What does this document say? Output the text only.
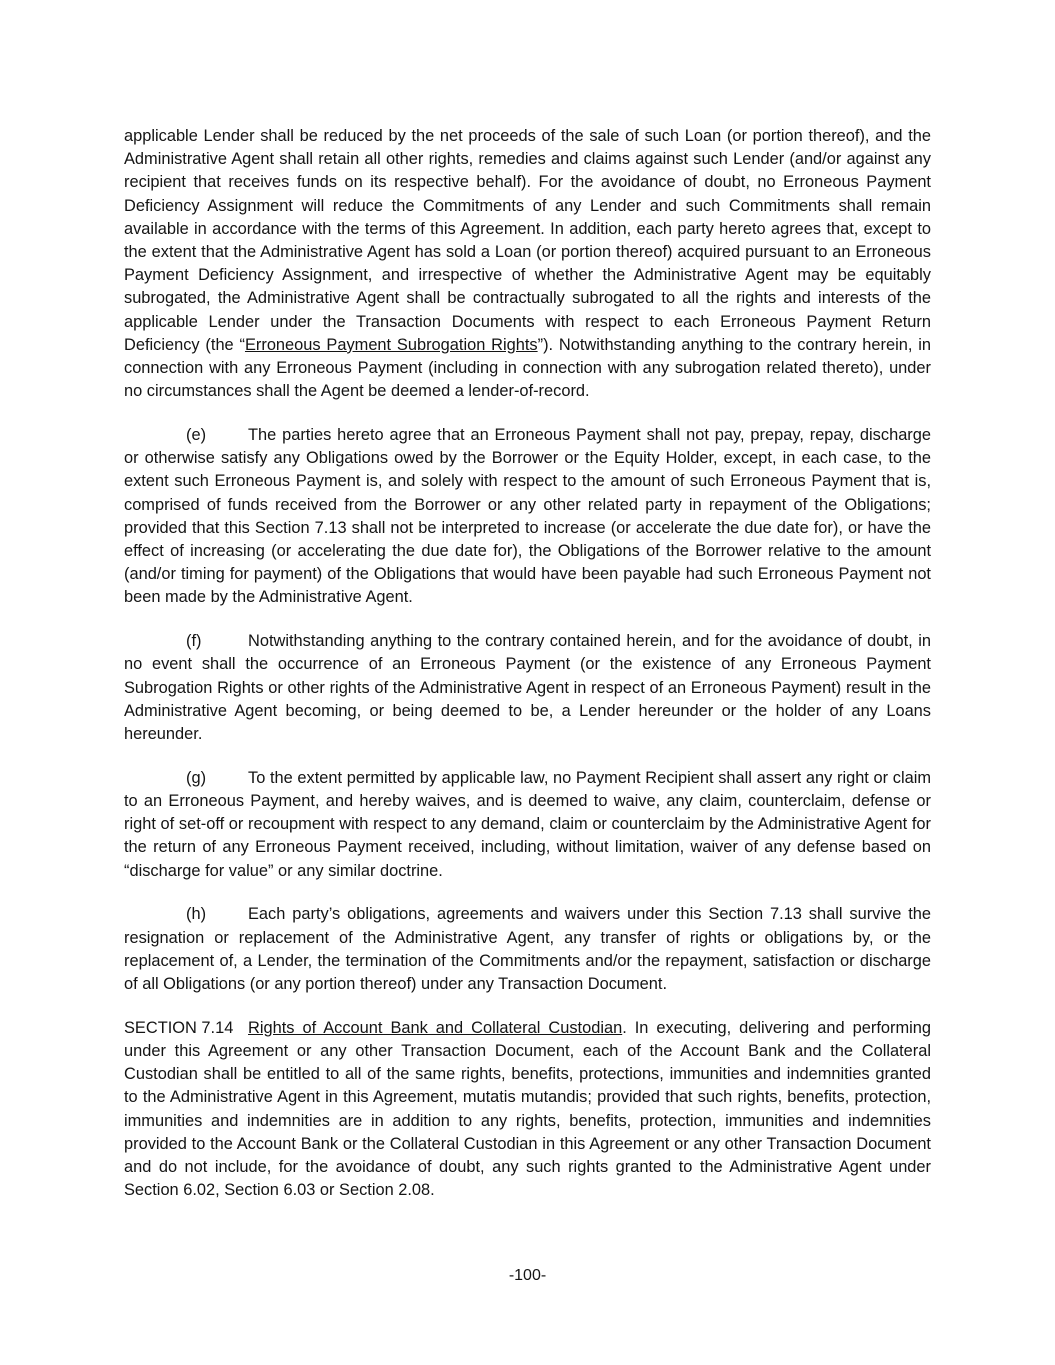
applicable Lender shall be reduced by the net proceeds of the sale of such Loan (or portion thereof), and the Administrative Agent shall retain all other rights, remedies and claims against such Lender (and/or against any recipient that receives funds on its respective behalf). For the avoidance of doubt, no Erroneous Payment Deficiency Assignment will reduce the Commitments of any Lender and such Commitments shall remain available in accordance with the terms of this Agreement. In addition, each party hereto agrees that, except to the extent that the Administrative Agent has sold a Loan (or portion thereof) acquired pursuant to an Erroneous Payment Deficiency Assignment, and irrespective of whether the Administrative Agent may be equitably subrogated, the Administrative Agent shall be contractually subrogated to all the rights and interests of the applicable Lender under the Transaction Documents with respect to each Erroneous Payment Return Deficiency (the “Erroneous Payment Subrogation Rights”). Notwithstanding anything to the contrary herein, in connection with any Erroneous Payment (including in connection with any subrogation related thereto), under no circumstances shall the Agent be deemed a lender-of-record.

(e)	The parties hereto agree that an Erroneous Payment shall not pay, prepay, repay, discharge or otherwise satisfy any Obligations owed by the Borrower or the Equity Holder, except, in each case, to the extent such Erroneous Payment is, and solely with respect to the amount of such Erroneous Payment that is, comprised of funds received from the Borrower or any other related party in repayment of the Obligations; provided that this Section 7.13 shall not be interpreted to increase (or accelerate the due date for), or have the effect of increasing (or accelerating the due date for), the Obligations of the Borrower relative to the amount (and/or timing for payment) of the Obligations that would have been payable had such Erroneous Payment not been made by the Administrative Agent.

(f)	Notwithstanding anything to the contrary contained herein, and for the avoidance of doubt, in no event shall the occurrence of an Erroneous Payment (or the existence of any Erroneous Payment Subrogation Rights or other rights of the Administrative Agent in respect of an Erroneous Payment) result in the Administrative Agent becoming, or being deemed to be, a Lender hereunder or the holder of any Loans hereunder.

(g)	To the extent permitted by applicable law, no Payment Recipient shall assert any right or claim to an Erroneous Payment, and hereby waives, and is deemed to waive, any claim, counterclaim, defense or right of set-off or recoupment with respect to any demand, claim or counterclaim by the Administrative Agent for the return of any Erroneous Payment received, including, without limitation, waiver of any defense based on “discharge for value” or any similar doctrine.

(h)	Each party’s obligations, agreements and waivers under this Section 7.13 shall survive the resignation or replacement of the Administrative Agent, any transfer of rights or obligations by, or the replacement of, a Lender, the termination of the Commitments and/or the repayment, satisfaction or discharge of all Obligations (or any portion thereof) under any Transaction Document.

SECTION 7.14 Rights of Account Bank and Collateral Custodian. In executing, delivering and performing under this Agreement or any other Transaction Document, each of the Account Bank and the Collateral Custodian shall be entitled to all of the same rights, benefits, protections, immunities and indemnities granted to the Administrative Agent in this Agreement, mutatis mutandis; provided that such rights, benefits, protection, immunities and indemnities are in addition to any rights, benefits, protection, immunities and indemnities provided to the Account Bank or the Collateral Custodian in this Agreement or any other Transaction Document and do not include, for the avoidance of doubt, any such rights granted to the Administrative Agent under Section 6.02, Section 6.03 or Section 2.08.

-100-
